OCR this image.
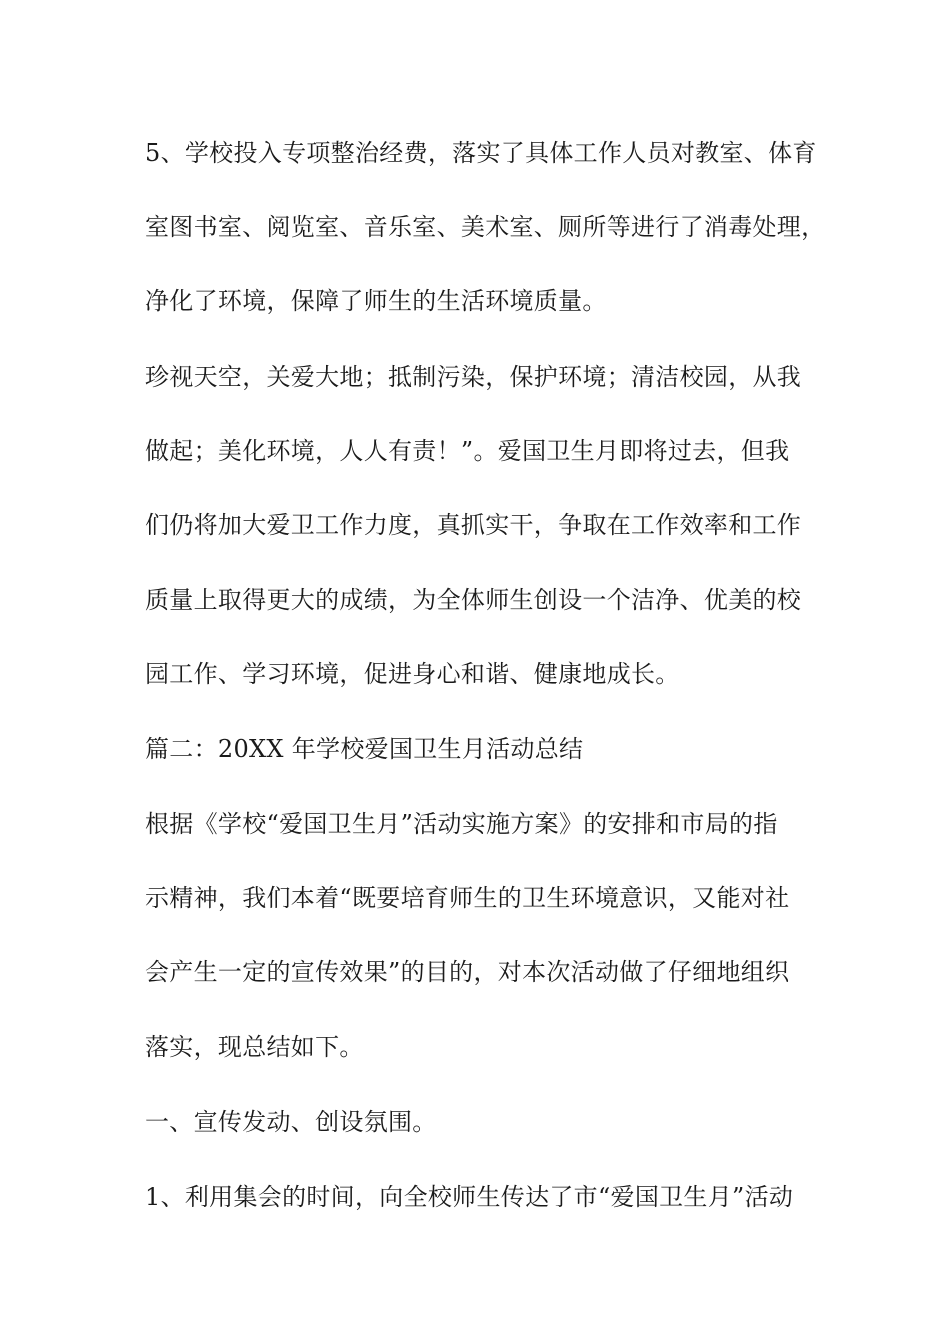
5、学校投入专项整治经费，落实了具体工作人员对教室、体育

室图书室、阅览室、音乐室、美术室、厕所等进行了消毒处理，

净化了环境，保障了师生的生活环境质量。

珍视天空，关爱大地；抵制污染，保护环境；清洁校园，从我

做起；美化环境，人人有责！”。爱国卫生月即将过去，但我

们仍将加大爱卫工作力度，真抓实干，争取在工作效率和工作

质量上取得更大的成绩，为全体师生创设一个洁净、优美的校

园工作、学习环境，促进身心和谐、健康地成长。

篇二：20XX 年学校爱国卫生月活动总结

根据《学校“爱国卫生月”活动实施方案》的安排和市局的指

示精神，我们本着“既要培育师生的卫生环境意识，又能对社

会产生一定的宣传效果”的目的，对本次活动做了仔细地组织

落实，现总结如下。

一、宣传发动、创设氛围。

1、利用集会的时间，向全校师生传达了市“爱国卫生月”活动
